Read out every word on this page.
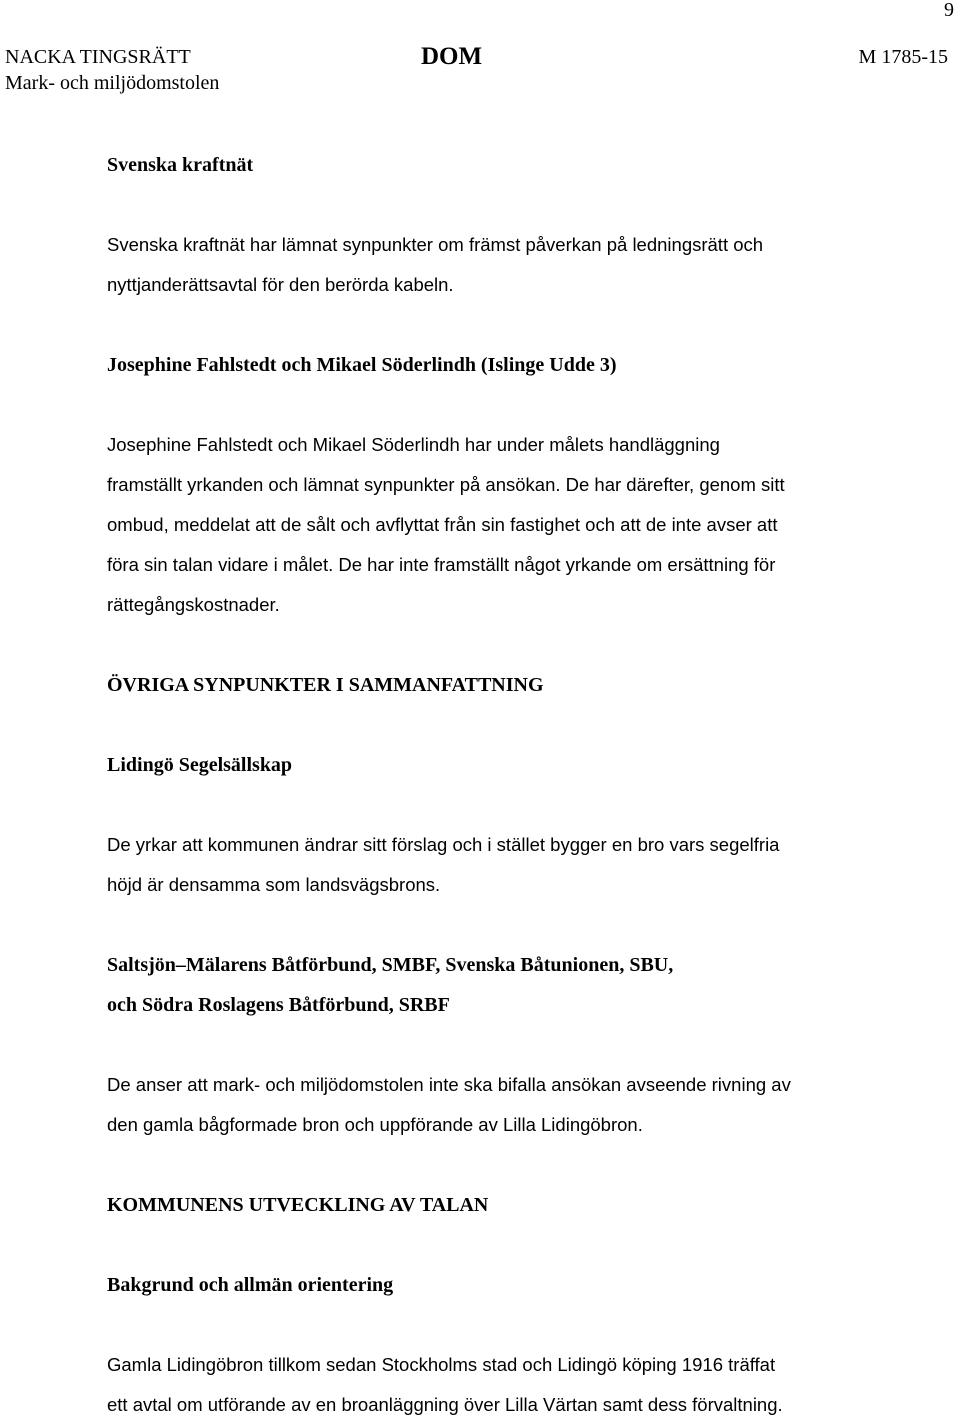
9
NACKA TINGSRÄTT
Mark- och miljödomstolen
DOM	M 1785-15

Svenska kraftnät

Svenska kraftnät har lämnat synpunkter om främst påverkan på ledningsrätt och

nyttjanderättsavtal för den berörda kabeln.

Josephine Fahlstedt och Mikael Söderlindh (Islinge Udde 3)

Josephine Fahlstedt och Mikael Söderlindh har under målets handläggning

framställt yrkanden och lämnat synpunkter på ansökan. De har därefter, genom sitt

ombud, meddelat att de sålt och avflyttat från sin fastighet och att de inte avser att

föra sin talan vidare i målet. De har inte framställt något yrkande om ersättning för

rättegångskostnader.

ÖVRIGA SYNPUNKTER I SAMMANFATTNING

Lidingö Segelsällskap

De yrkar att kommunen ändrar sitt förslag och i stället bygger en bro vars segelfria

höjd är densamma som landsvägsbrons.

Saltsjön–Mälarens Båtförbund, SMBF, Svenska Båtunionen, SBU,

och Södra Roslagens Båtförbund, SRBF

De anser att mark- och miljödomstolen inte ska bifalla ansökan avseende rivning av

den gamla bågformade bron och uppförande av Lilla Lidingöbron.

KOMMUNENS UTVECKLING AV TALAN

Bakgrund och allmän orientering

Gamla Lidingöbron tillkom sedan Stockholms stad och Lidingö köping 1916 träffat

ett avtal om utförande av en broanläggning över Lilla Värtan samt dess förvaltning.
